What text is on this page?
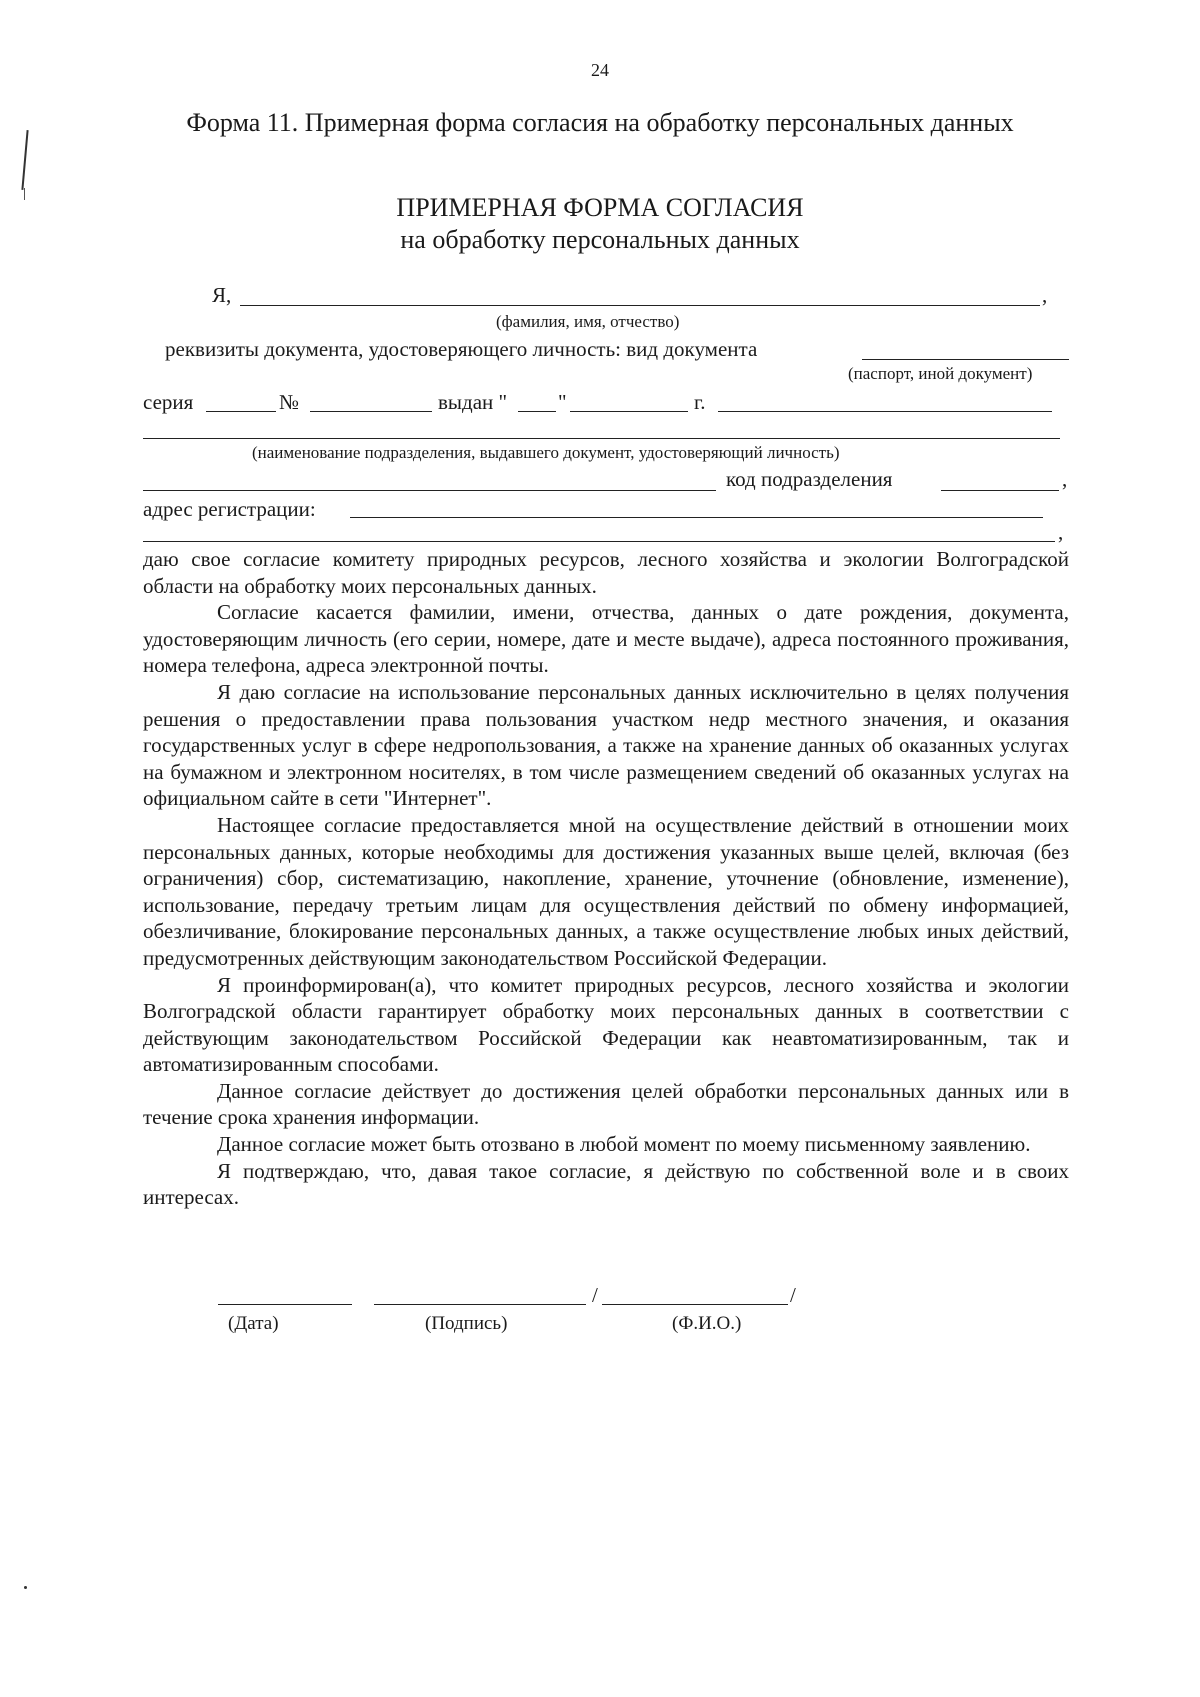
24
Форма 11. Примерная форма согласия на обработку персональных данных
ПРИМЕРНАЯ ФОРМА СОГЛАСИЯ
на обработку персональных данных
Я,	,
(фамилия, имя, отчество)
реквизиты документа, удостоверяющего личность: вид документа
(паспорт, иной документ)
серия	№	выдан " "	г.
(наименование подразделения, выдавшего документ, удостоверяющий личность)
код подразделения	,
адрес регистрации:
,

даю свое согласие комитету природных ресурсов, лесного хозяйства и экологии Волгоградской области на обработку моих персональных данных.

Согласие касается фамилии, имени, отчества, данных о дате рождения, документа, удостоверяющим личность (его серии, номере, дате и месте выдаче), адреса постоянного проживания, номера телефона, адреса электронной почты.

Я даю согласие на использование персональных данных исключительно в целях получения решения о предоставлении права пользования участком недр местного значения, и оказания государственных услуг в сфере недропользования, а также на хранение данных об оказанных услугах на бумажном и электронном носителях, в том числе размещением сведений об оказанных услугах на официальном сайте в сети "Интернет".

Настоящее согласие предоставляется мной на осуществление действий в отношении моих персональных данных, которые необходимы для достижения указанных выше целей, включая (без ограничения) сбор, систематизацию, накопление, хранение, уточнение (обновление, изменение), использование, передачу третьим лицам для осуществления действий по обмену информацией, обезличивание, блокирование персональных данных, а также осуществление любых иных действий, предусмотренных действующим законодательством Российской Федерации.

Я проинформирован(а), что комитет природных ресурсов, лесного хозяйства и экологии Волгоградской области гарантирует обработку моих персональных данных в соответствии с действующим законодательством Российской Федерации как неавтоматизированным, так и автоматизированным способами.

Данное согласие действует до достижения целей обработки персональных данных или в течение срока хранения информации.

Данное согласие может быть отозвано в любой момент по моему письменному заявлению.

Я подтверждаю, что, давая такое согласие, я действую по собственной воле и в своих интересах.

/	/
(Дата)	(Подпись)	(Ф.И.О.)
